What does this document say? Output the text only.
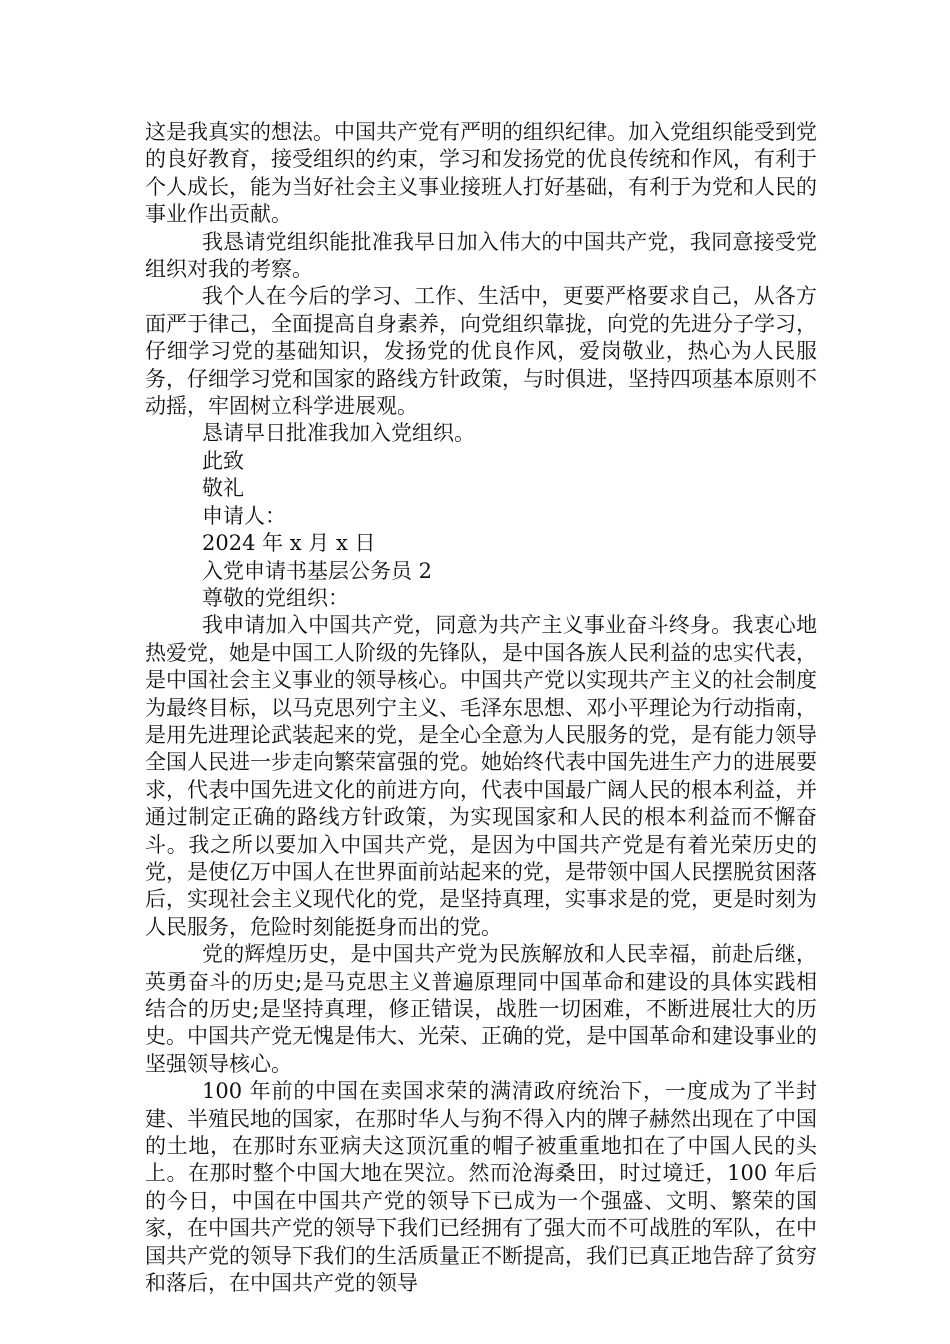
这是我真实的想法。中国共产党有严明的组织纪律。加入党组织能受到党的良好教育，接受组织的约束，学习和发扬党的优良传统和作风，有利于个人成长，能为当好社会主义事业接班人打好基础，有利于为党和人民的事业作出贡献。

我恳请党组织能批准我早日加入伟大的中国共产党，我同意接受党组织对我的考察。

我个人在今后的学习、工作、生活中，更要严格要求自己，从各方面严于律己，全面提高自身素养，向党组织靠拢，向党的先进分子学习，仔细学习党的基础知识，发扬党的优良作风，爱岗敬业，热心为人民服务，仔细学习党和国家的路线方针政策，与时俱进，坚持四项基本原则不动摇，牢固树立科学进展观。

恳请早日批准我加入党组织。

此致

敬礼

申请人：

2024 年 x 月 x 日

入党申请书基层公务员 2

尊敬的党组织：

我申请加入中国共产党，同意为共产主义事业奋斗终身。我衷心地热爱党，她是中国工人阶级的先锋队，是中国各族人民利益的忠实代表，是中国社会主义事业的领导核心。中国共产党以实现共产主义的社会制度为最终目标，以马克思列宁主义、毛泽东思想、邓小平理论为行动指南，是用先进理论武装起来的党，是全心全意为人民服务的党，是有能力领导全国人民进一步走向繁荣富强的党。她始终代表中国先进生产力的进展要求，代表中国先进文化的前进方向，代表中国最广阔人民的根本利益，并通过制定正确的路线方针政策，为实现国家和人民的根本利益而不懈奋斗。我之所以要加入中国共产党，是因为中国共产党是有着光荣历史的党，是使亿万中国人在世界面前站起来的党，是带领中国人民摆脱贫困落后，实现社会主义现代化的党，是坚持真理，实事求是的党，更是时刻为人民服务，危险时刻能挺身而出的党。

党的辉煌历史，是中国共产党为民族解放和人民幸福，前赴后继，英勇奋斗的历史;是马克思主义普遍原理同中国革命和建设的具体实践相结合的历史;是坚持真理，修正错误，战胜一切困难，不断进展壮大的历史。中国共产党无愧是伟大、光荣、正确的党，是中国革命和建设事业的坚强领导核心。

100 年前的中国在卖国求荣的满清政府统治下，一度成为了半封建、半殖民地的国家，在那时华人与狗不得入内的牌子赫然出现在了中国的土地，在那时东亚病夫这顶沉重的帽子被重重地扣在了中国人民的头上。在那时整个中国大地在哭泣。然而沧海桑田，时过境迁，100 年后的今日，中国在中国共产党的领导下已成为一个强盛、文明、繁荣的国家，在中国共产党的领导下我们已经拥有了强大而不可战胜的军队，在中国共产党的领导下我们的生活质量正不断提高，我们已真正地告辞了贫穷和落后，在中国共产党的领导
